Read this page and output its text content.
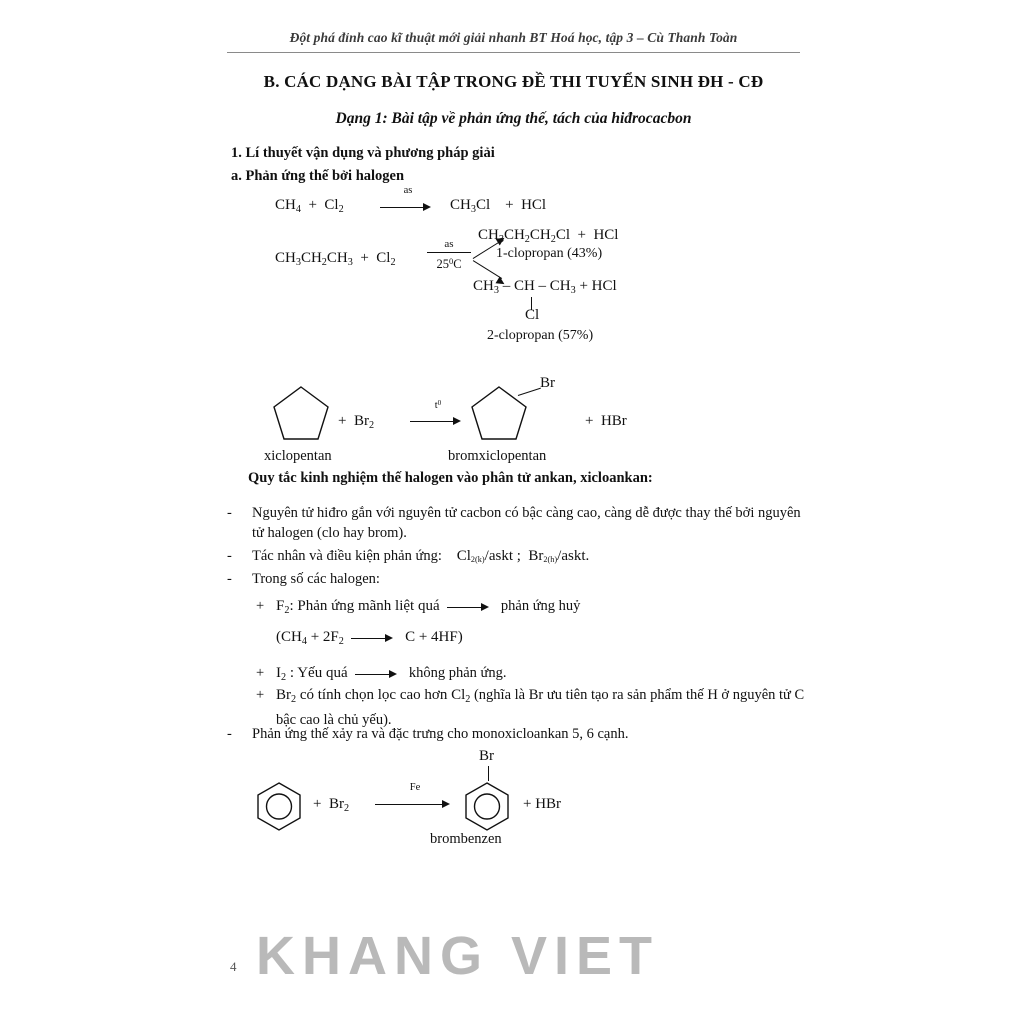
Đột phá đỉnh cao kĩ thuật mới giải nhanh BT Hoá học, tập 3 – Cù Thanh Toàn
B. CÁC DẠNG BÀI TẬP TRONG ĐỀ THI TUYỂN SINH ĐH - CĐ
Dạng 1: Bài tập về phản ứng thế, tách của hiđrocacbon
1. Lí thuyết vận dụng và phương pháp giải
a. Phản ứng thế bởi halogen
$CH_4 + Cl_2$
as
$CH_3Cl$    +  HCl
$CH_3CH_2CH_3 + Cl_2$
as
$25^0C$
$CH_3CH_2CH_2Cl$  +  HCl
1-clopropan (43%)
$CH_3$ – CH – $CH_3$ + HCl
Cl
2-clopropan (57%)
+  $Br_2$
$t^0$
Br
+  HBr
xiclopentan	bromxiclopentan
Quy tắc kinh nghiệm thế halogen vào phân tử ankan, xicloankan:
- Nguyên tử hiđro gắn với nguyên tử cacbon có bậc càng cao, càng dễ được thay thế bởi nguyên tử halogen (clo hay brom).
- Tác nhân và điều kiện phản ứng:    $Cl_{2(k)}$/askt ;  $Br_{2(h)}$/askt.
- Trong số các halogen:
+ $F_2$: Phản ứng mãnh liệt quá	phản ứng huỷ
($CH_4 + 2F_2$	C + 4HF)
+ $I_2$ : Yếu quá	không phản ứng.
+ $Br_2$ có tính chọn lọc cao hơn $Cl_2$ (nghĩa là Br ưu tiên tạo ra sản phẩm thế H ở nguyên tử C bậc cao là chủ yếu).
- Phản ứng thế xảy ra và đặc trưng cho monoxicloankan 5, 6 cạnh.
+  $Br_2$
Fe
Br
+ HBr
brombenzen
4 KHANG VIET
